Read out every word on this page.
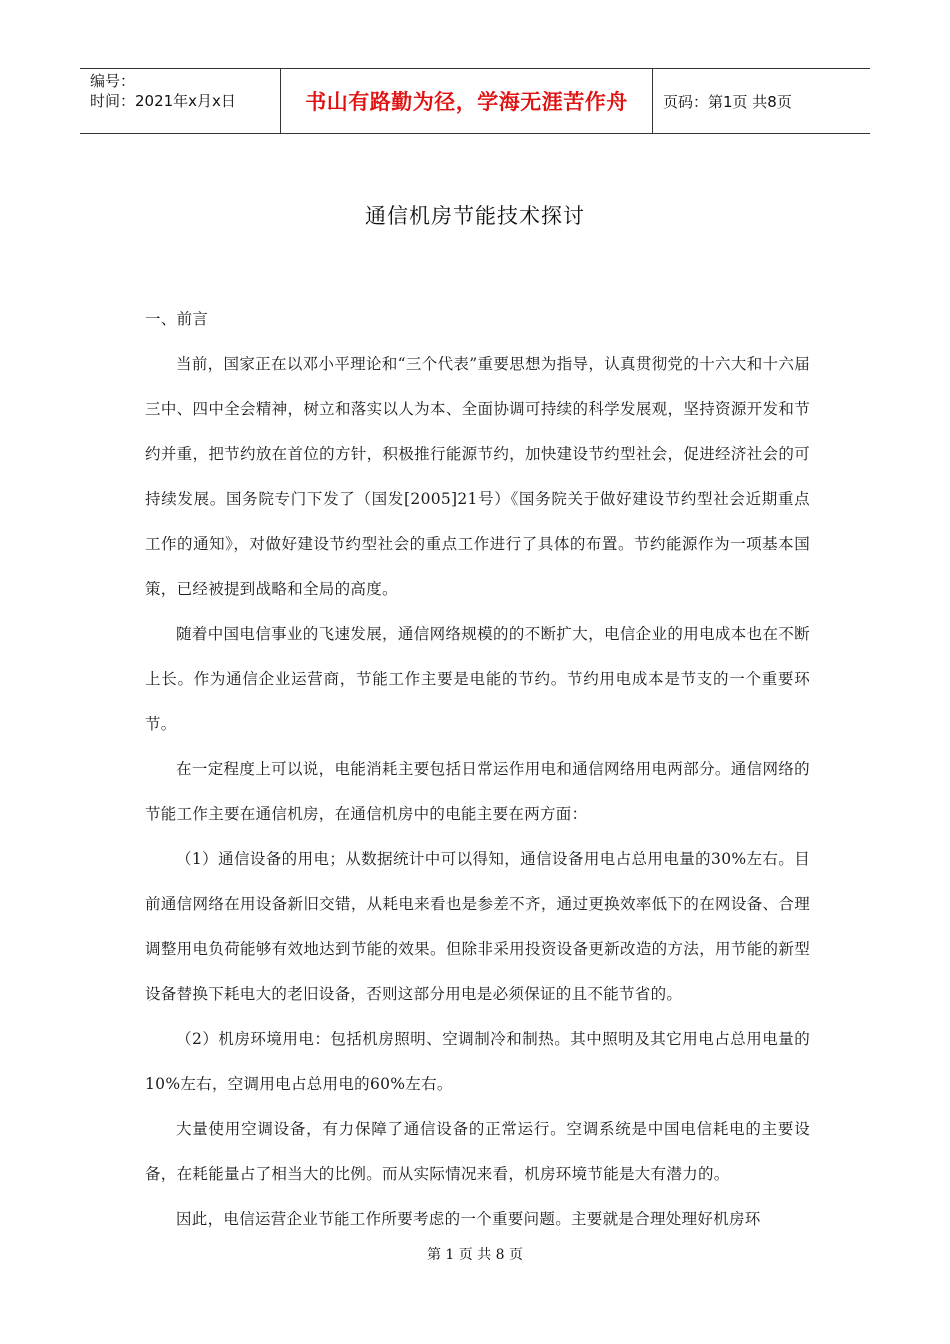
编号：
时间：2021年x月x日	书山有路勤为径，学海无涯苦作舟 页码：第1页 共8页
通信机房节能技术探讨

一、前言

当前，国家正在以邓小平理论和“三个代表”重要思想为指导，认真贯彻党的十六大和十六届三中、四中全会精神，树立和落实以人为本、全面协调可持续的科学发展观，坚持资源开发和节约并重，把节约放在首位的方针，积极推行能源节约，加快建设节约型社会，促进经济社会的可持续发展。国务院专门下发了（国发[2005]21号）《国务院关于做好建设节约型社会近期重点工作的通知》，对做好建设节约型社会的重点工作进行了具体的布置。节约能源作为一项基本国策，已经被提到战略和全局的高度。

随着中国电信事业的飞速发展，通信网络规模的的不断扩大，电信企业的用电成本也在不断上长。作为通信企业运营商，节能工作主要是电能的节约。节约用电成本是节支的一个重要环节。

在一定程度上可以说，电能消耗主要包括日常运作用电和通信网络用电两部分。通信网络的节能工作主要在通信机房，在通信机房中的电能主要在两方面：

（1）通信设备的用电；从数据统计中可以得知，通信设备用电占总用电量的30%左右。目前通信网络在用设备新旧交错，从耗电来看也是参差不齐，通过更换效率低下的在网设备、合理调整用电负荷能够有效地达到节能的效果。但除非采用投资设备更新改造的方法，用节能的新型设备替换下耗电大的老旧设备，否则这部分用电是必须保证的且不能节省的。

（2）机房环境用电：包括机房照明、空调制冷和制热。其中照明及其它用电占总用电量的10%左右，空调用电占总用电的60%左右。

大量使用空调设备，有力保障了通信设备的正常运行。空调系统是中国电信耗电的主要设备，在耗能量占了相当大的比例。而从实际情况来看，机房环境节能是大有潜力的。

因此，电信运营企业节能工作所要考虑的一个重要问题。主要就是合理处理好机房环

第 1 页 共 8 页
